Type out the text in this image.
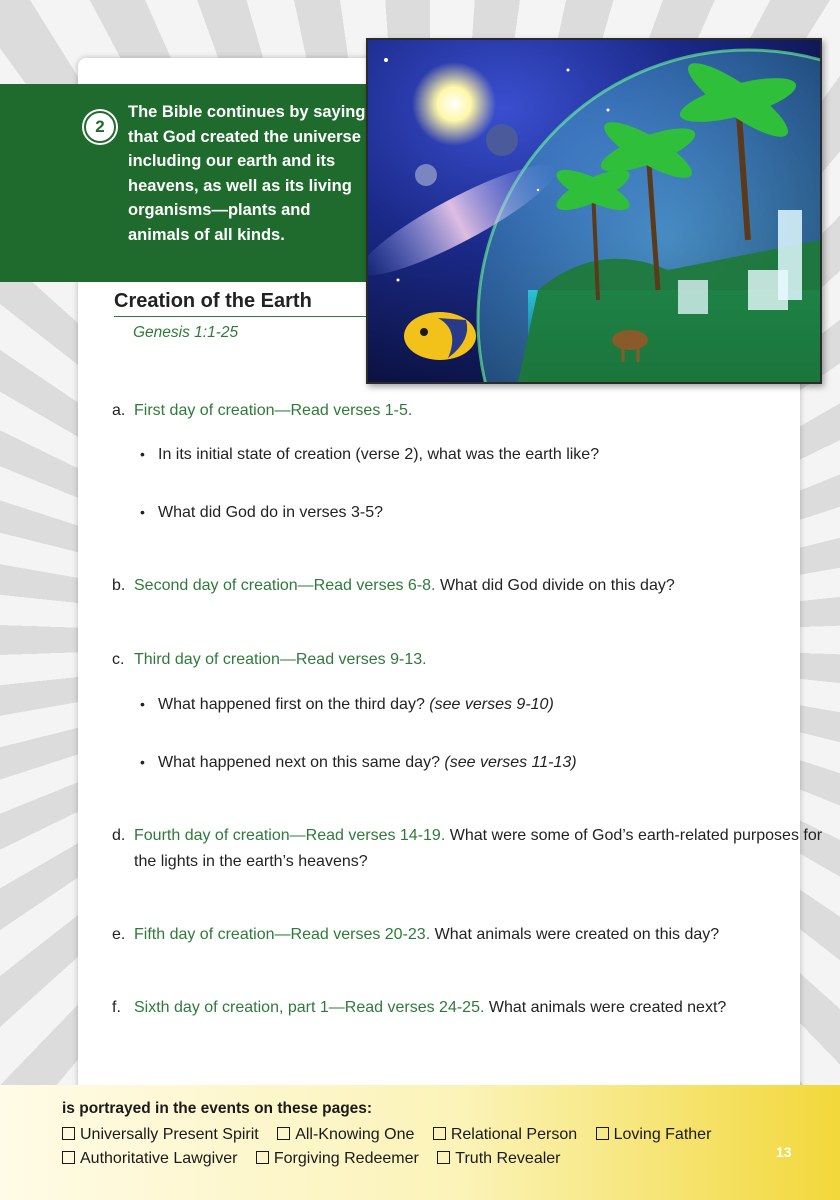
2
The Bible continues by saying
that God created the universe
including our earth and its
heavens, as well as its living
organisms—plants and
animals of all kinds.
Creation of the Earth
Genesis 1:1-25
a. First day of creation—Read verses 1-5.
• In its initial state of creation (verse 2), what was the earth like?
• What did God do in verses 3-5?
b. Second day of creation—Read verses 6-8. What did God divide on this day?
c. Third day of creation—Read verses 9-13.
• What happened first on the third day? (see verses 9-10)
• What happened next on this same day? (see verses 11-13)
d. Fourth day of creation—Read verses 14-19. What were some of God’s earth-related purposes for
the lights in the earth’s heavens?
e. Fifth day of creation—Read verses 20-23. What animals were created on this day?
f. Sixth day of creation, part 1—Read verses 24-25. What animals were created next?
is portrayed in the events on these pages:
Universally Present Spirit All-Knowing One Relational Person Loving Father
Authoritative Lawgiver Forgiving Redeemer Truth Revealer	13
